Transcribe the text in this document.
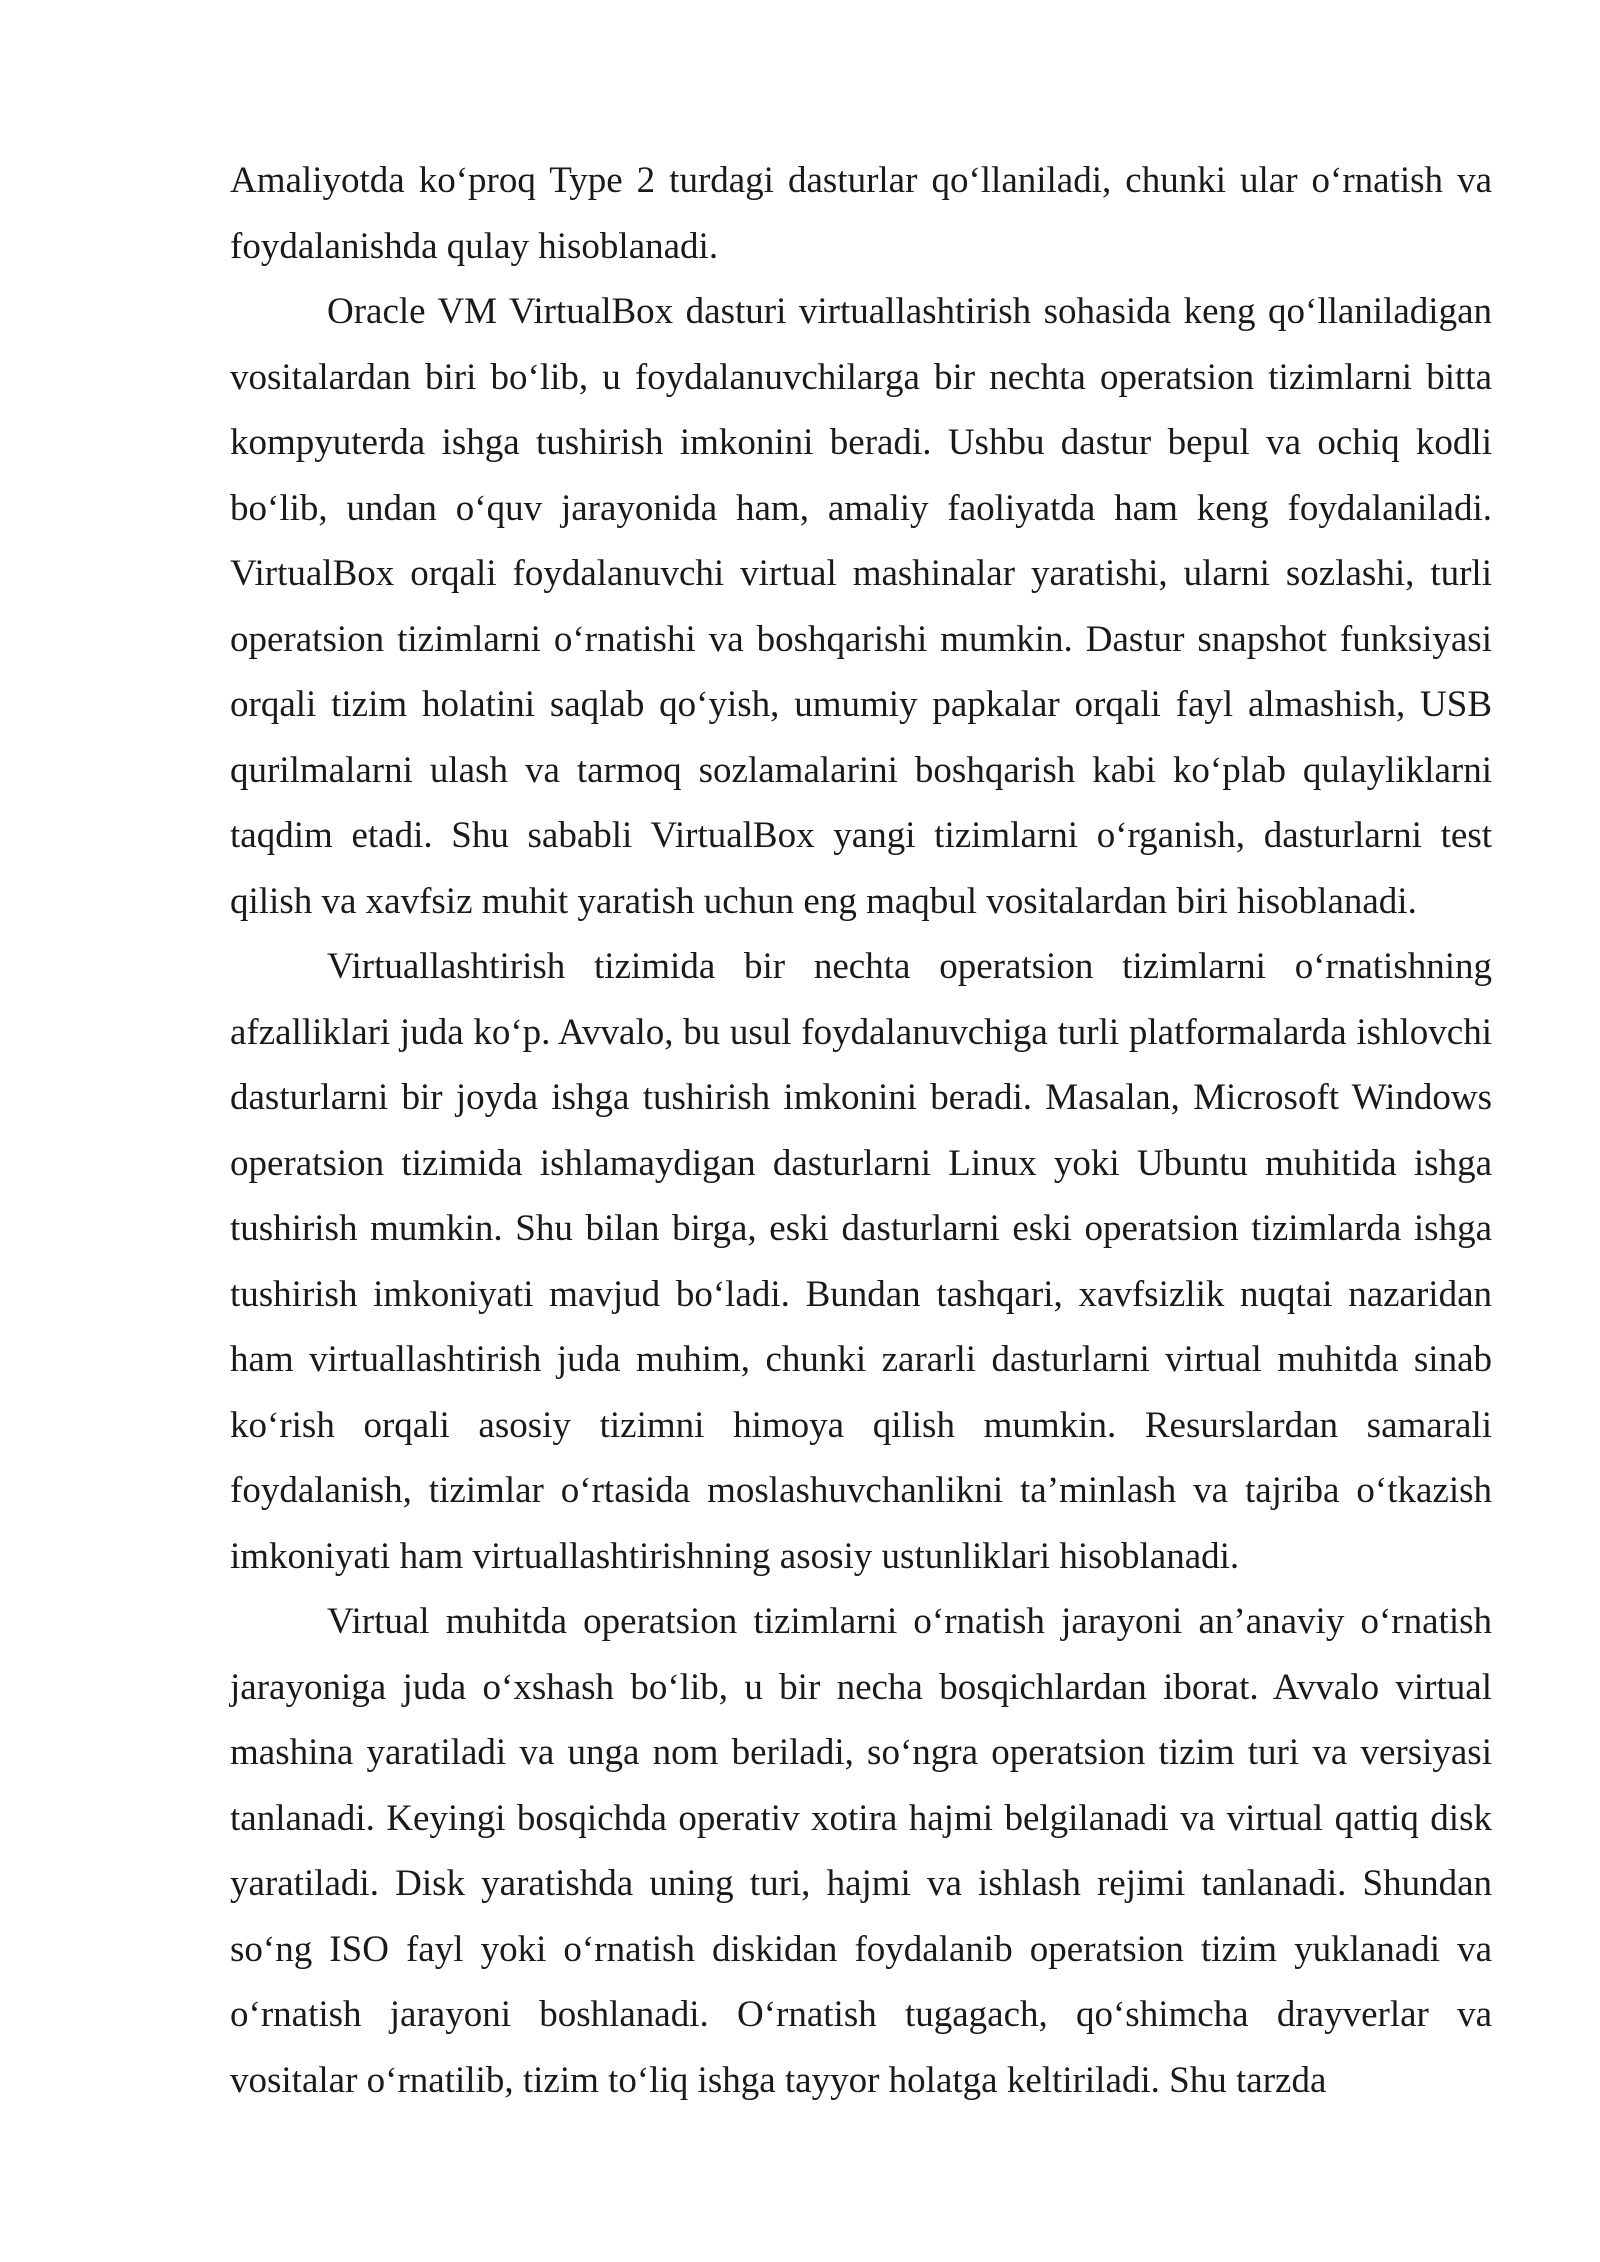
Amaliyotda koʻproq Type 2 turdagi dasturlar qoʻllaniladi, chunki ular oʻrnatish va foydalanishda qulay hisoblanadi.

Oracle VM VirtualBox dasturi virtuallashtirish sohasida keng qoʻllaniladigan vositalardan biri boʻlib, u foydalanuvchilarga bir nechta operatsion tizimlarni bitta kompyuterda ishga tushirish imkonini beradi. Ushbu dastur bepul va ochiq kodli boʻlib, undan oʻquv jarayonida ham, amaliy faoliyatda ham keng foydalaniladi. VirtualBox orqali foydalanuvchi virtual mashinalar yaratishi, ularni sozlashi, turli operatsion tizimlarni oʻrnatishi va boshqarishi mumkin. Dastur snapshot funksiyasi orqali tizim holatini saqlab qoʻyish, umumiy papkalar orqali fayl almashish, USB qurilmalarni ulash va tarmoq sozlamalarini boshqarish kabi koʻplab qulayliklarni taqdim etadi. Shu sababli VirtualBox yangi tizimlarni oʻrganish, dasturlarni test qilish va xavfsiz muhit yaratish uchun eng maqbul vositalardan biri hisoblanadi.

Virtuallashtirish tizimida bir nechta operatsion tizimlarni oʻrnatishning afzalliklari juda koʻp. Avvalo, bu usul foydalanuvchiga turli platformalarda ishlovchi dasturlarni bir joyda ishga tushirish imkonini beradi. Masalan, Microsoft Windows operatsion tizimida ishlamaydigan dasturlarni Linux yoki Ubuntu muhitida ishga tushirish mumkin. Shu bilan birga, eski dasturlarni eski operatsion tizimlarda ishga tushirish imkoniyati mavjud boʻladi. Bundan tashqari, xavfsizlik nuqtai nazaridan ham virtuallashtirish juda muhim, chunki zararli dasturlarni virtual muhitda sinab koʻrish orqali asosiy tizimni himoya qilish mumkin. Resurslardan samarali foydalanish, tizimlar oʻrtasida moslashuvchanlikni taʼminlash va tajriba oʻtkazish imkoniyati ham virtuallashtirishning asosiy ustunliklari hisoblanadi.

Virtual muhitda operatsion tizimlarni oʻrnatish jarayoni anʼanaviy oʻrnatish jarayoniga juda oʻxshash boʻlib, u bir necha bosqichlardan iborat. Avvalo virtual mashina yaratiladi va unga nom beriladi, soʻngra operatsion tizim turi va versiyasi tanlanadi. Keyingi bosqichda operativ xotira hajmi belgilanadi va virtual qattiq disk yaratiladi. Disk yaratishda uning turi, hajmi va ishlash rejimi tanlanadi. Shundan soʻng ISO fayl yoki oʻrnatish diskidan foydalanib operatsion tizim yuklanadi va oʻrnatish jarayoni boshlanadi. Oʻrnatish tugagach, qoʻshimcha drayverlar va vositalar oʻrnatilib, tizim toʻliq ishga tayyor holatga keltiriladi. Shu tarzda
